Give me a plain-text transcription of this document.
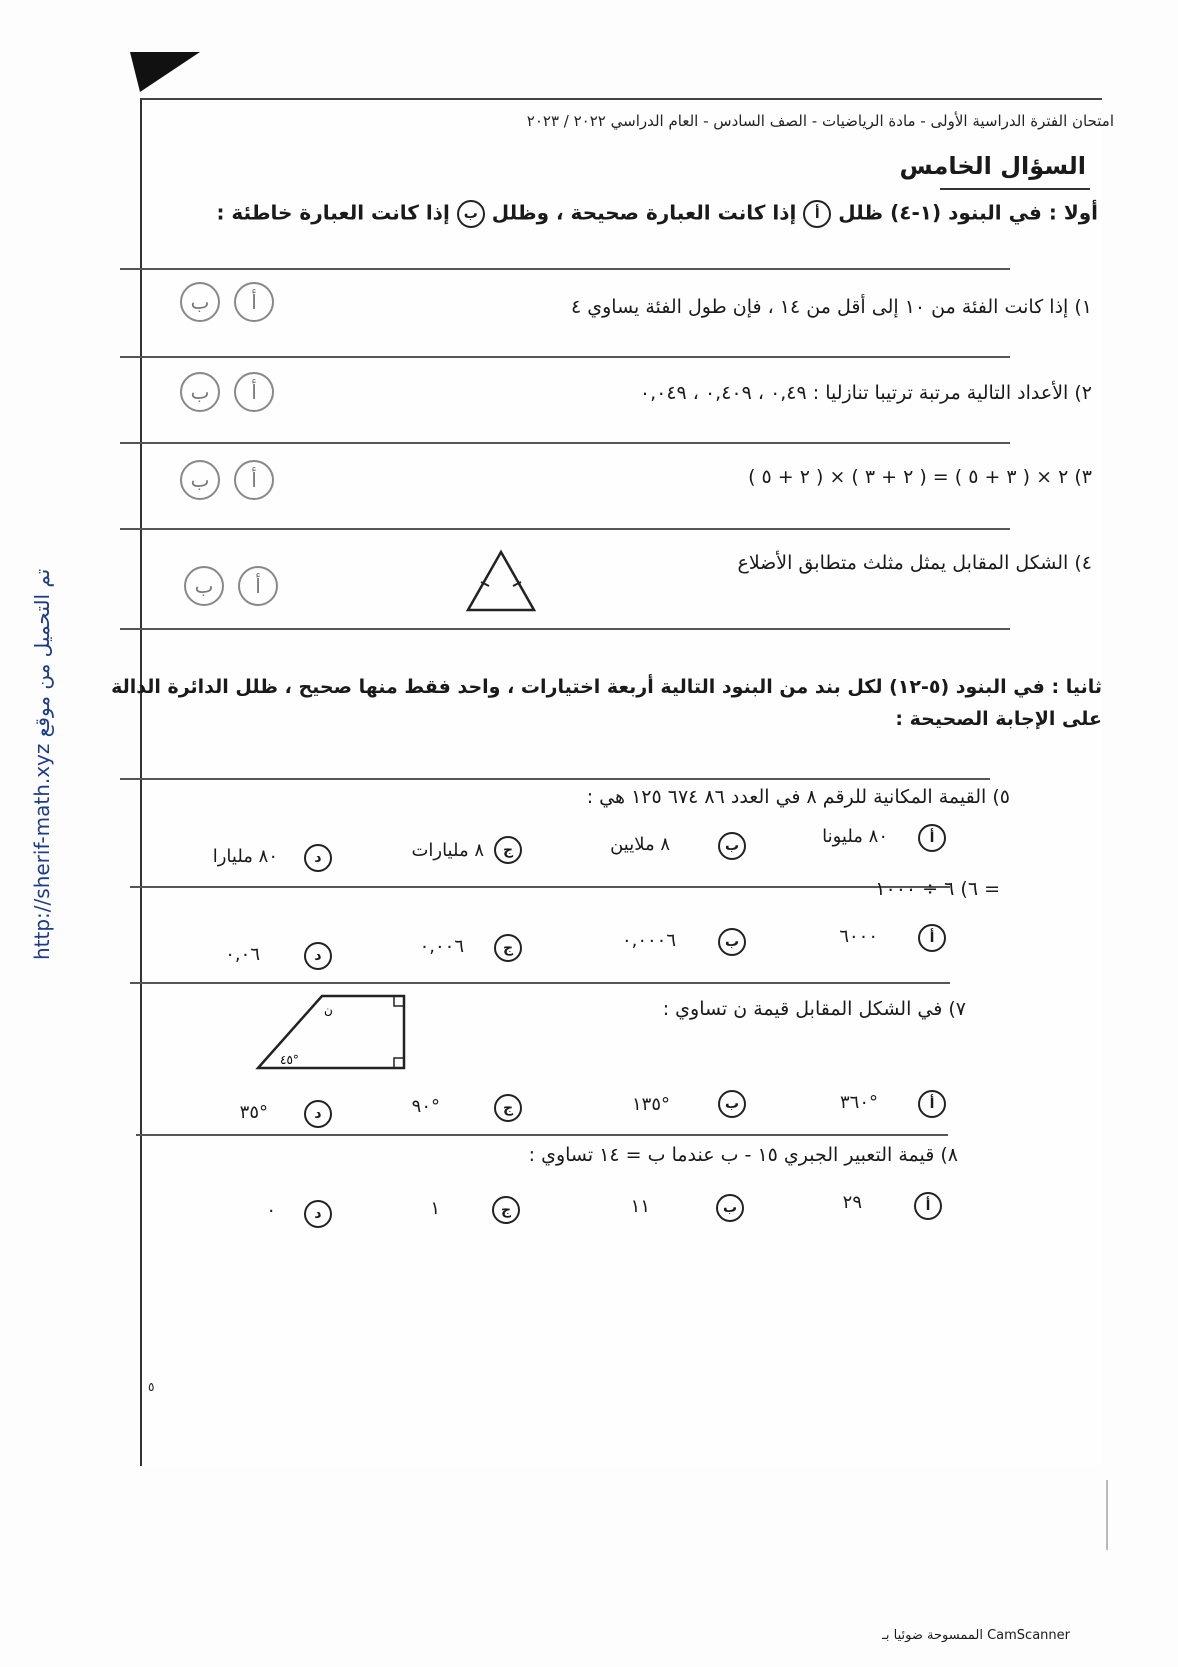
http://sherif-math.xyz تم التحميل من موقع
امتحان الفترة الدراسية الأولى - مادة الرياضيات - الصف السادس - العام الدراسي ٢٠٢٢ / ٢٠٢٣
السؤال الخامس
أولا : في البنود (١-٤) ظلل أ إذا كانت العبارة صحيحة ، وظلل ب إذا كانت العبارة خاطئة :
١) إذا كانت الفئة من ١٠ إلى أقل من ١٤ ، فإن طول الفئة يساوي ٤
أ
ب
٢) الأعداد التالية مرتبة ترتيبا تنازليا : ٠,٤٩ ، ٠,٤٠٩ ، ٠,٠٤٩
أ
ب
٣) ٢ × ( ٣ + ٥ ) = ( ٢ + ٣ ) × ( ٢ + ٥ )
أ
ب
٤) الشكل المقابل يمثل مثلث متطابق الأضلاع
أ
ب
ثانيا : في البنود (٥-١٢) لكل بند من البنود التالية أربعة اختيارات ، واحد فقط منها صحيح ، ظلل الدائرة الدالة
على الإجابة الصحيحة :
٥) القيمة المكانية للرقم ٨ في العدد ٨٦ ٦٧٤ ١٢٥ هي :
أ
٨٠ مليونا
ب
٨ ملايين
ج
٨ مليارات
د
٨٠ مليارا
٦) ٦ ÷ ١٠٠٠ =
أ
٦٠٠٠
ب
٠,٠٠٠٦
ج
٠,٠٠٦
د
٠,٠٦
٧) في الشكل المقابل قيمة ن تساوي :
ن
٤٥°
أ
٣٦٠°
ب
١٣٥°
ج
٩٠°
د
٣٥°
٨) قيمة التعبير الجبري ١٥ - ب عندما ب = ١٤ تساوي :
أ
٢٩
ب
١١
ج
١
د
٠
٥
الممسوحة ضوئيا بـ CamScanner
